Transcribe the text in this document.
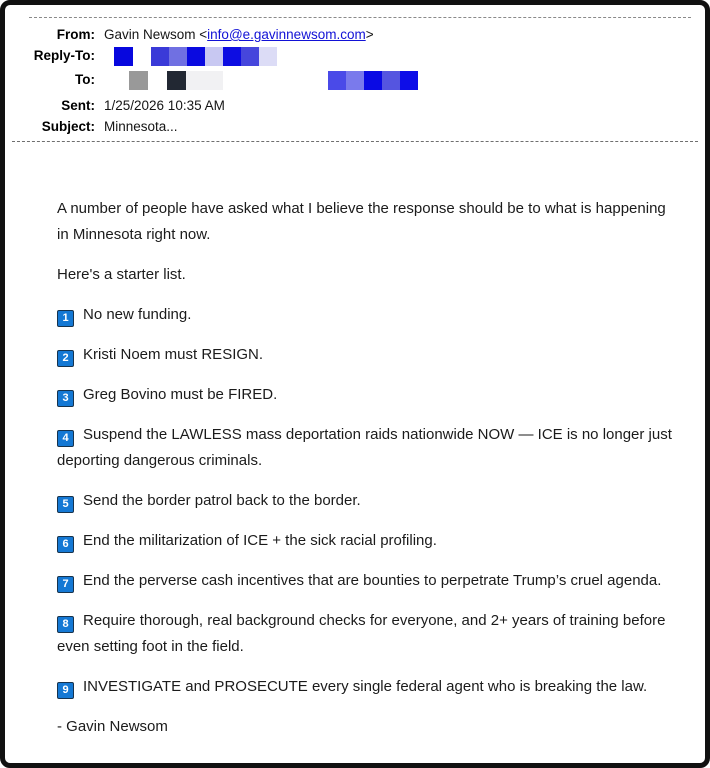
From: Gavin Newsom <info@e.gavinnewsom.com>
Reply-To:
To:
Sent: 1/25/2026 10:35 AM
Subject: Minnesota...

A number of people have asked what I believe the response should be to what is happening in Minnesota right now.

Here's a starter list.

1 No new funding.

2 Kristi Noem must RESIGN.

3 Greg Bovino must be FIRED.

4 Suspend the LAWLESS mass deportation raids nationwide NOW — ICE is no longer just deporting dangerous criminals.

5 Send the border patrol back to the border.

6 End the militarization of ICE + the sick racial profiling.

7 End the perverse cash incentives that are bounties to perpetrate Trump’s cruel agenda.

8 Require thorough, real background checks for everyone, and 2+ years of training before even setting foot in the field.

9 INVESTIGATE and PROSECUTE every single federal agent who is breaking the law.

- Gavin Newsom
